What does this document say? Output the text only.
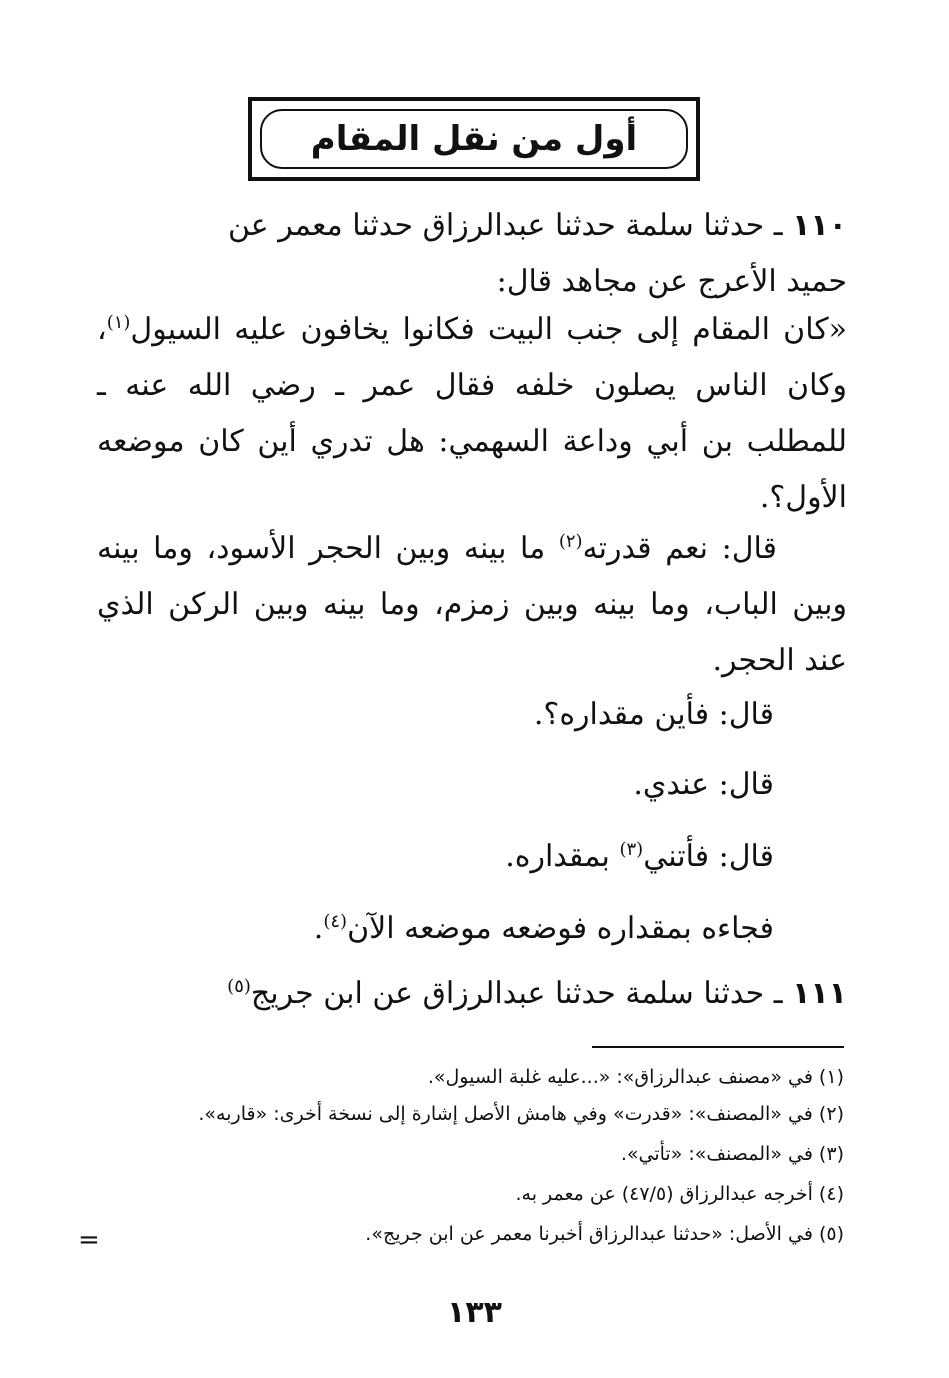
أول من نقل المقام

١١٠ ـ حدثنا سلمة حدثنا عبدالرزاق حدثنا معمر عن
حميد الأعرج عن مجاهد قال:

«كان المقام إلى جنب البيت فكانوا يخافون عليه السيول$^{(١)}$، وكان الناس يصلون خلفه فقال عمر ـ رضي الله عنه ـ للمطلب بن أبي وداعة السهمي: هل تدري أين كان موضعه الأول؟.

قال: نعم قدرته$^{(٢)}$ ما بينه وبين الحجر الأسود، وما بينه وبين الباب، وما بينه وبين زمزم، وما بينه وبين الركن الذي عند الحجر.

قال: فأين مقداره؟.

قال: عندي.

قال: فأتني$^{(٣)}$ بمقداره.

فجاءه بمقداره فوضعه موضعه الآن$^{(٤)}$.

١١١ ـ حدثنا سلمة حدثنا عبدالرزاق عن ابن جريج$^{(٥)}$

(١) في «مصنف عبدالرزاق»: «...عليه غلبة السيول».

(٢) في «المصنف»: «قدرت» وفي هامش الأصل إشارة إلى نسخة أخرى: «قاربه».

(٣) في «المصنف»: «تأتي».

(٤) أخرجه عبدالرزاق (٤٧/٥) عن معمر به.

(٥) في الأصل: «حدثنا عبدالرزاق أخبرنا معمر عن ابن جريج».

=
١٣٣
